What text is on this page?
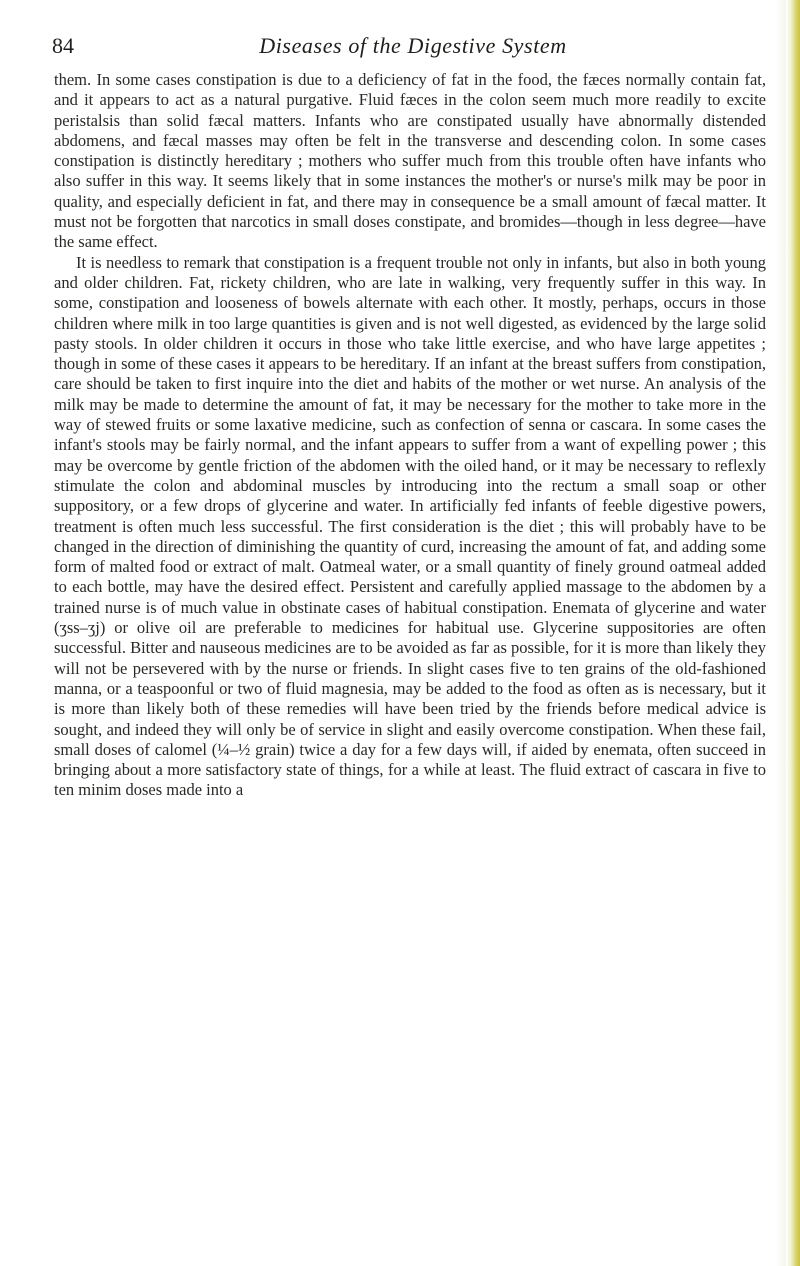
84	Diseases of the Digestive System

them. In some cases constipation is due to a deficiency of fat in the food, the fæces normally contain fat, and it appears to act as a natural purgative. Fluid fæces in the colon seem much more readily to excite peristalsis than solid fæcal matters. Infants who are constipated usually have abnormally distended abdomens, and fæcal masses may often be felt in the transverse and descending colon. In some cases constipation is distinctly hereditary ; mothers who suffer much from this trouble often have infants who also suffer in this way. It seems likely that in some instances the mother's or nurse's milk may be poor in quality, and especially deficient in fat, and there may in consequence be a small amount of fæcal matter. It must not be forgotten that narcotics in small doses constipate, and bromides—though in less degree—have the same effect.

It is needless to remark that constipation is a frequent trouble not only in infants, but also in both young and older children. Fat, rickety children, who are late in walking, very frequently suffer in this way. In some, constipation and looseness of bowels alternate with each other. It mostly, perhaps, occurs in those children where milk in too large quantities is given and is not well digested, as evidenced by the large solid pasty stools. In older children it occurs in those who take little exercise, and who have large appetites ; though in some of these cases it appears to be hereditary. If an infant at the breast suffers from constipation, care should be taken to first inquire into the diet and habits of the mother or wet nurse. An analysis of the milk may be made to determine the amount of fat, it may be necessary for the mother to take more in the way of stewed fruits or some laxative medicine, such as confection of senna or cascara. In some cases the infant's stools may be fairly normal, and the infant appears to suffer from a want of expelling power ; this may be overcome by gentle friction of the abdomen with the oiled hand, or it may be necessary to reflexly stimulate the colon and abdominal muscles by introducing into the rectum a small soap or other suppository, or a few drops of glycerine and water. In artificially fed infants of feeble digestive powers, treatment is often much less successful. The first consideration is the diet ; this will probably have to be changed in the direction of diminishing the quantity of curd, increasing the amount of fat, and adding some form of malted food or extract of malt. Oatmeal water, or a small quantity of finely ground oatmeal added to each bottle, may have the desired effect. Persistent and carefully applied massage to the abdomen by a trained nurse is of much value in obstinate cases of habitual constipation. Enemata of glycerine and water (ʒss–ʒj) or olive oil are preferable to medicines for habitual use. Glycerine suppositories are often successful. Bitter and nauseous medicines are to be avoided as far as possible, for it is more than likely they will not be persevered with by the nurse or friends. In slight cases five to ten grains of the old-fashioned manna, or a teaspoonful or two of fluid magnesia, may be added to the food as often as is necessary, but it is more than likely both of these remedies will have been tried by the friends before medical advice is sought, and indeed they will only be of service in slight and easily overcome constipation. When these fail, small doses of calomel (¼–½ grain) twice a day for a few days will, if aided by enemata, often succeed in bringing about a more satisfactory state of things, for a while at least. The fluid extract of cascara in five to ten minim doses made into a
